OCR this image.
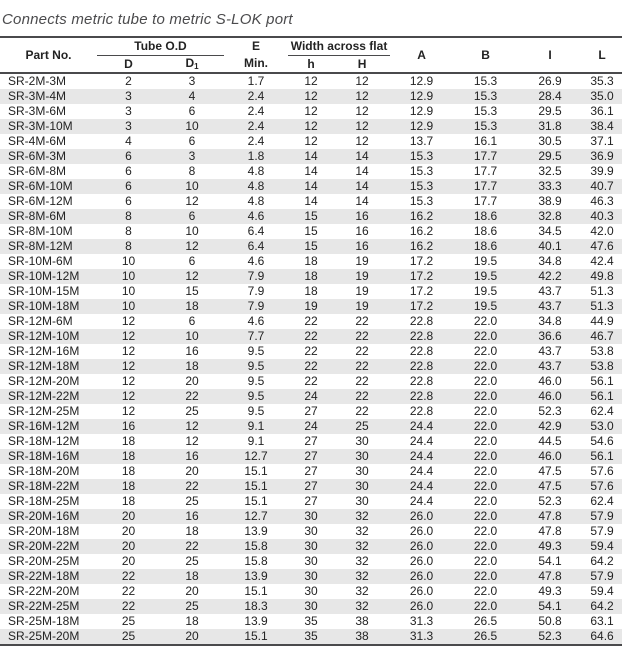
Connects metric tube to metric S-LOK port
Part No.	Tube O.D		E	Width across flat		A	B	I	L
	D	$D_1$	Min.	h	H				
SR-2M-3M	2	3	1.7	12	12	12.9	15.3	26.9	35.3
SR-3M-4M	3	4	2.4	12	12	12.9	15.3	28.4	35.0
SR-3M-6M	3	6	2.4	12	12	12.9	15.3	29.5	36.1
SR-3M-10M	3	10	2.4	12	12	12.9	15.3	31.8	38.4
SR-4M-6M	4	6	2.4	12	12	13.7	16.1	30.5	37.1
SR-6M-3M	6	3	1.8	14	14	15.3	17.7	29.5	36.9
SR-6M-8M	6	8	4.8	14	14	15.3	17.7	32.5	39.9
SR-6M-10M	6	10	4.8	14	14	15.3	17.7	33.3	40.7
SR-6M-12M	6	12	4.8	14	14	15.3	17.7	38.9	46.3
SR-8M-6M	8	6	4.6	15	16	16.2	18.6	32.8	40.3
SR-8M-10M	8	10	6.4	15	16	16.2	18.6	34.5	42.0
SR-8M-12M	8	12	6.4	15	16	16.2	18.6	40.1	47.6
SR-10M-6M	10	6	4.6	18	19	17.2	19.5	34.8	42.4
SR-10M-12M	10	12	7.9	18	19	17.2	19.5	42.2	49.8
SR-10M-15M	10	15	7.9	18	19	17.2	19.5	43.7	51.3
SR-10M-18M	10	18	7.9	19	19	17.2	19.5	43.7	51.3
SR-12M-6M	12	6	4.6	22	22	22.8	22.0	34.8	44.9
SR-12M-10M	12	10	7.7	22	22	22.8	22.0	36.6	46.7
SR-12M-16M	12	16	9.5	22	22	22.8	22.0	43.7	53.8
SR-12M-18M	12	18	9.5	22	22	22.8	22.0	43.7	53.8
SR-12M-20M	12	20	9.5	22	22	22.8	22.0	46.0	56.1
SR-12M-22M	12	22	9.5	24	22	22.8	22.0	46.0	56.1
SR-12M-25M	12	25	9.5	27	22	22.8	22.0	52.3	62.4
SR-16M-12M	16	12	9.1	24	25	24.4	22.0	42.9	53.0
SR-18M-12M	18	12	9.1	27	30	24.4	22.0	44.5	54.6
SR-18M-16M	18	16	12.7	27	30	24.4	22.0	46.0	56.1
SR-18M-20M	18	20	15.1	27	30	24.4	22.0	47.5	57.6
SR-18M-22M	18	22	15.1	27	30	24.4	22.0	47.5	57.6
SR-18M-25M	18	25	15.1	27	30	24.4	22.0	52.3	62.4
SR-20M-16M	20	16	12.7	30	32	26.0	22.0	47.8	57.9
SR-20M-18M	20	18	13.9	30	32	26.0	22.0	47.8	57.9
SR-20M-22M	20	22	15.8	30	32	26.0	22.0	49.3	59.4
SR-20M-25M	20	25	15.8	30	32	26.0	22.0	54.1	64.2
SR-22M-18M	22	18	13.9	30	32	26.0	22.0	47.8	57.9
SR-22M-20M	22	20	15.1	30	32	26.0	22.0	49.3	59.4
SR-22M-25M	22	25	18.3	30	32	26.0	22.0	54.1	64.2
SR-25M-18M	25	18	13.9	35	38	31.3	26.5	50.8	63.1
SR-25M-20M	25	20	15.1	35	38	31.3	26.5	52.3	64.6
